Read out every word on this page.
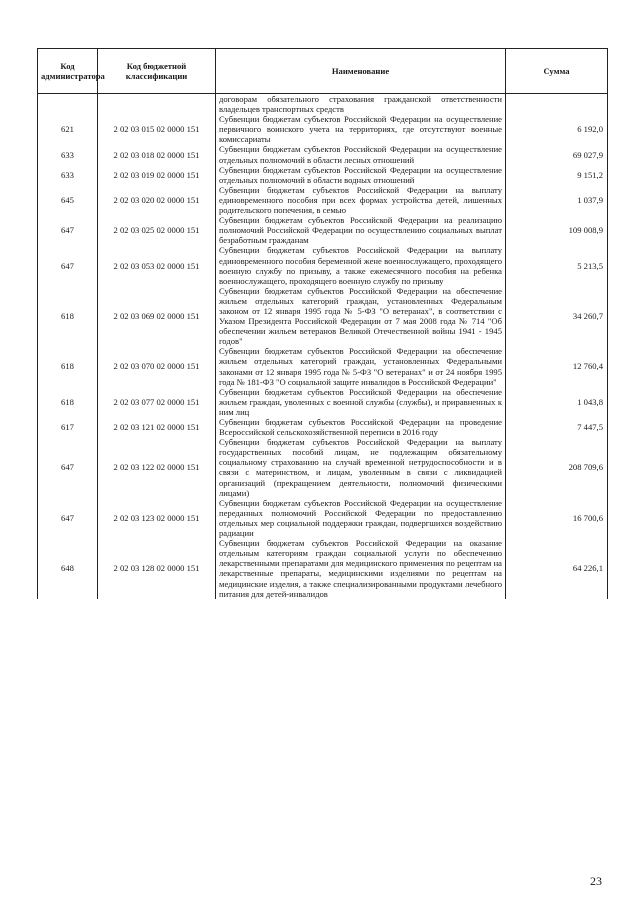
Код администратора	Код бюджетной классификации	Наименование	Сумма
		договорам обязательного страхования гражданской ответственности владельцев транспортных средств	
621	2 02 03 015 02 0000 151	Субвенции бюджетам субъектов Российской Федерации на осуществление первичного воинского учета на территориях, где отсутствуют военные комиссариаты	6 192,0
633	2 02 03 018 02 0000 151	Субвенции бюджетам субъектов Российской Федерации на осуществление отдельных полномочий в области лесных отношений	69 027,9
633	2 02 03 019 02 0000 151	Субвенции бюджетам субъектов Российской Федерации на осуществление отдельных полномочий в области водных отношений	9 151,2
645	2 02 03 020 02 0000 151	Субвенции бюджетам субъектов Российской Федерации на выплату единовременного пособия при всех формах устройства детей, лишенных родительского попечения, в семью	1 037,9
647	2 02 03 025 02 0000 151	Субвенции бюджетам субъектов Российской Федерации на реализацию полномочий Российской Федерации по осуществлению социальных выплат безработным гражданам	109 008,9
647	2 02 03 053 02 0000 151	Субвенции бюджетам субъектов Российской Федерации на выплату единовременного пособия беременной жене военнослужащего, проходящего военную службу по призыву, а также ежемесячного пособия на ребенка военнослужащего, проходящего военную службу по призыву	5 213,5
618	2 02 03 069 02 0000 151	Субвенции бюджетам субъектов Российской Федерации на обеспечение жильем отдельных категорий граждан, установленных Федеральным законом от 12 января 1995 года № 5-ФЗ "О ветеранах", в соответствии с Указом Президента Российской Федерации от 7 мая 2008 года № 714 "Об обеспечении жильем ветеранов Великой Отечественной войны 1941 - 1945 годов"	34 260,7
618	2 02 03 070 02 0000 151	Субвенции бюджетам субъектов Российской Федерации на обеспечение жильем отдельных категорий граждан, установленных Федеральными законами от 12 января 1995 года № 5-ФЗ "О ветеранах" и от 24 ноября 1995 года № 181-ФЗ "О социальной защите инвалидов в Российской Федерации"	12 760,4
618	2 02 03 077 02 0000 151	Субвенции бюджетам субъектов Российской Федерации на обеспечение жильем граждан, уволенных с военной службы (службы), и приравненных к ним лиц	1 043,8
617	2 02 03 121 02 0000 151	Субвенции бюджетам субъектов Российской Федерации на проведение Всероссийской сельскохозяйственной переписи в 2016 году	7 447,5
647	2 02 03 122 02 0000 151	Субвенции бюджетам субъектов Российской Федерации на выплату государственных пособий лицам, не подлежащим обязательному социальному страхованию на случай временной нетрудоспособности и в связи с материнством, и лицам, уволенным в связи с ликвидацией организаций (прекращением деятельности, полномочий физическими лицами)	208 709,6
647	2 02 03 123 02 0000 151	Субвенции бюджетам субъектов Российской Федерации на осуществление переданных полномочий Российской Федерации по предоставлению отдельных мер социальной поддержки граждан, подвергшихся воздействию радиации	16 700,6
648	2 02 03 128 02 0000 151	Субвенции бюджетам субъектов Российской Федерации на оказание отдельным категориям граждан социальной услуги по обеспечению лекарственными препаратами для медицинского применения по рецептам на лекарственные препараты, медицинскими изделиями по рецептам на медицинские изделия, а также специализированными продуктами лечебного питания для детей-инвалидов	64 226,1
23
